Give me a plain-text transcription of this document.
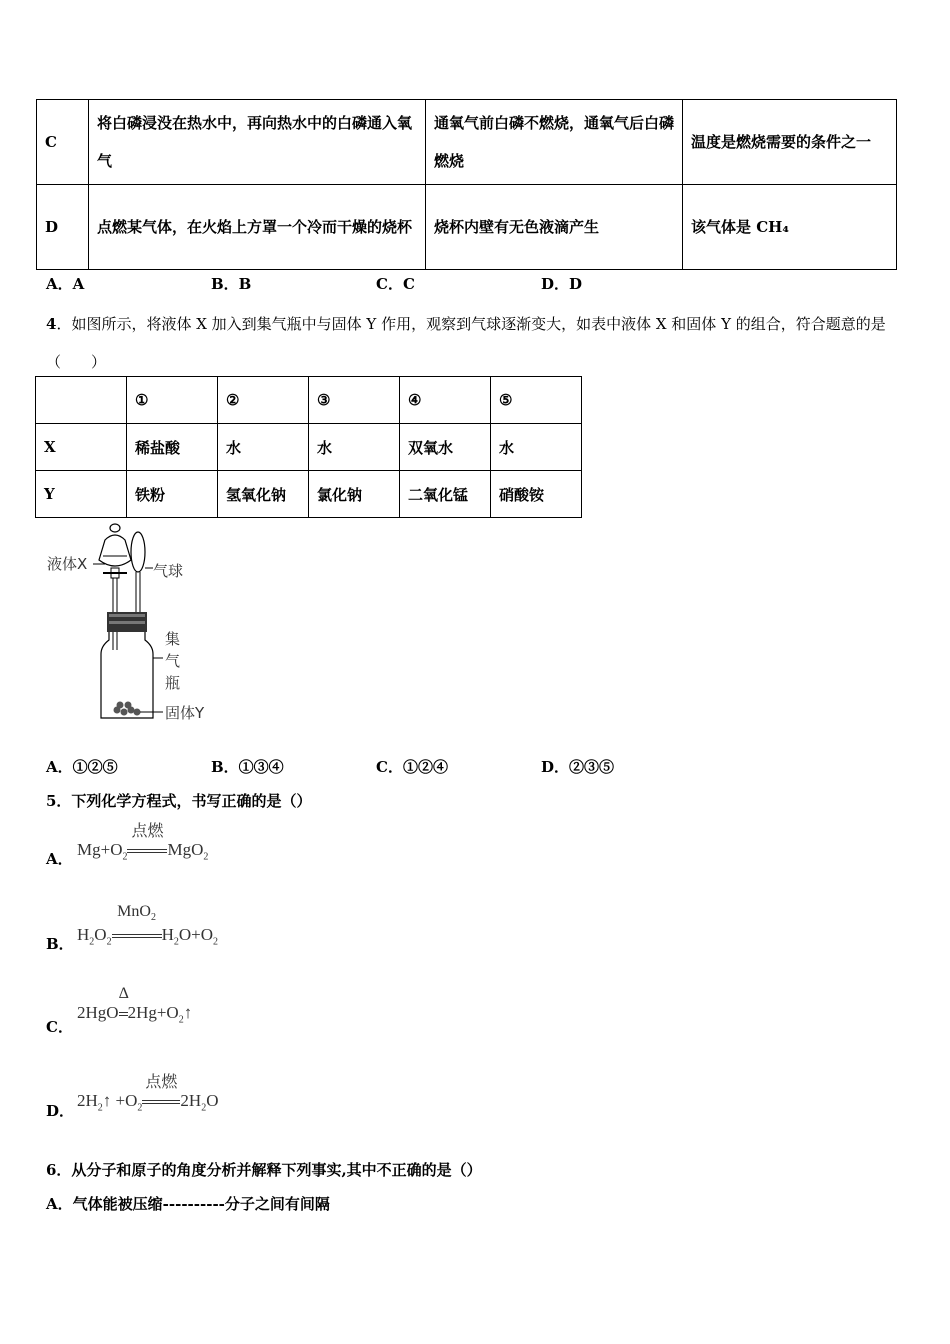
C	将白磷浸没在热水中，再向热水中的白磷通入氧气	通氧气前白磷不燃烧，通氧气后白磷燃烧	温度是燃烧需要的条件之一
D	点燃某气体，在火焰上方罩一个冷而干燥的烧杯	烧杯内壁有无色液滴产生	该气体是 CH₄
A．A	B．B	C．C	D．D
4．如图所示，将液体 X 加入到集气瓶中与固体 Y 作用，观察到气球逐渐变大，如表中液体 X 和固体 Y 的组合，符合题意的是（　　）
	①	②	③	④	⑤
X	稀盐酸	水	水	双氧水	水
Y	铁粉	氢氧化钠	氯化钠	二氧化锰	硝酸铵
液体X	气球
集
气
瓶
固体Y
A．①②⑤	B．①③④	C．①②④	D．②③⑤
5．下列化学方程式，书写正确的是（）
A． $Mg+O_2$
点燃
MgO$_2$
B． $H_2O_2$
MnO$_2$
$H_2O+O_2$
C．
2HgO
Δ
$2Hg+O_2↑$
D．
$2H_2↑ +O_2$
点燃
$2H_2O$
6．从分子和原子的角度分析并解释下列事实,其中不正确的是（）
A．气体能被压缩----------分子之间有间隔
